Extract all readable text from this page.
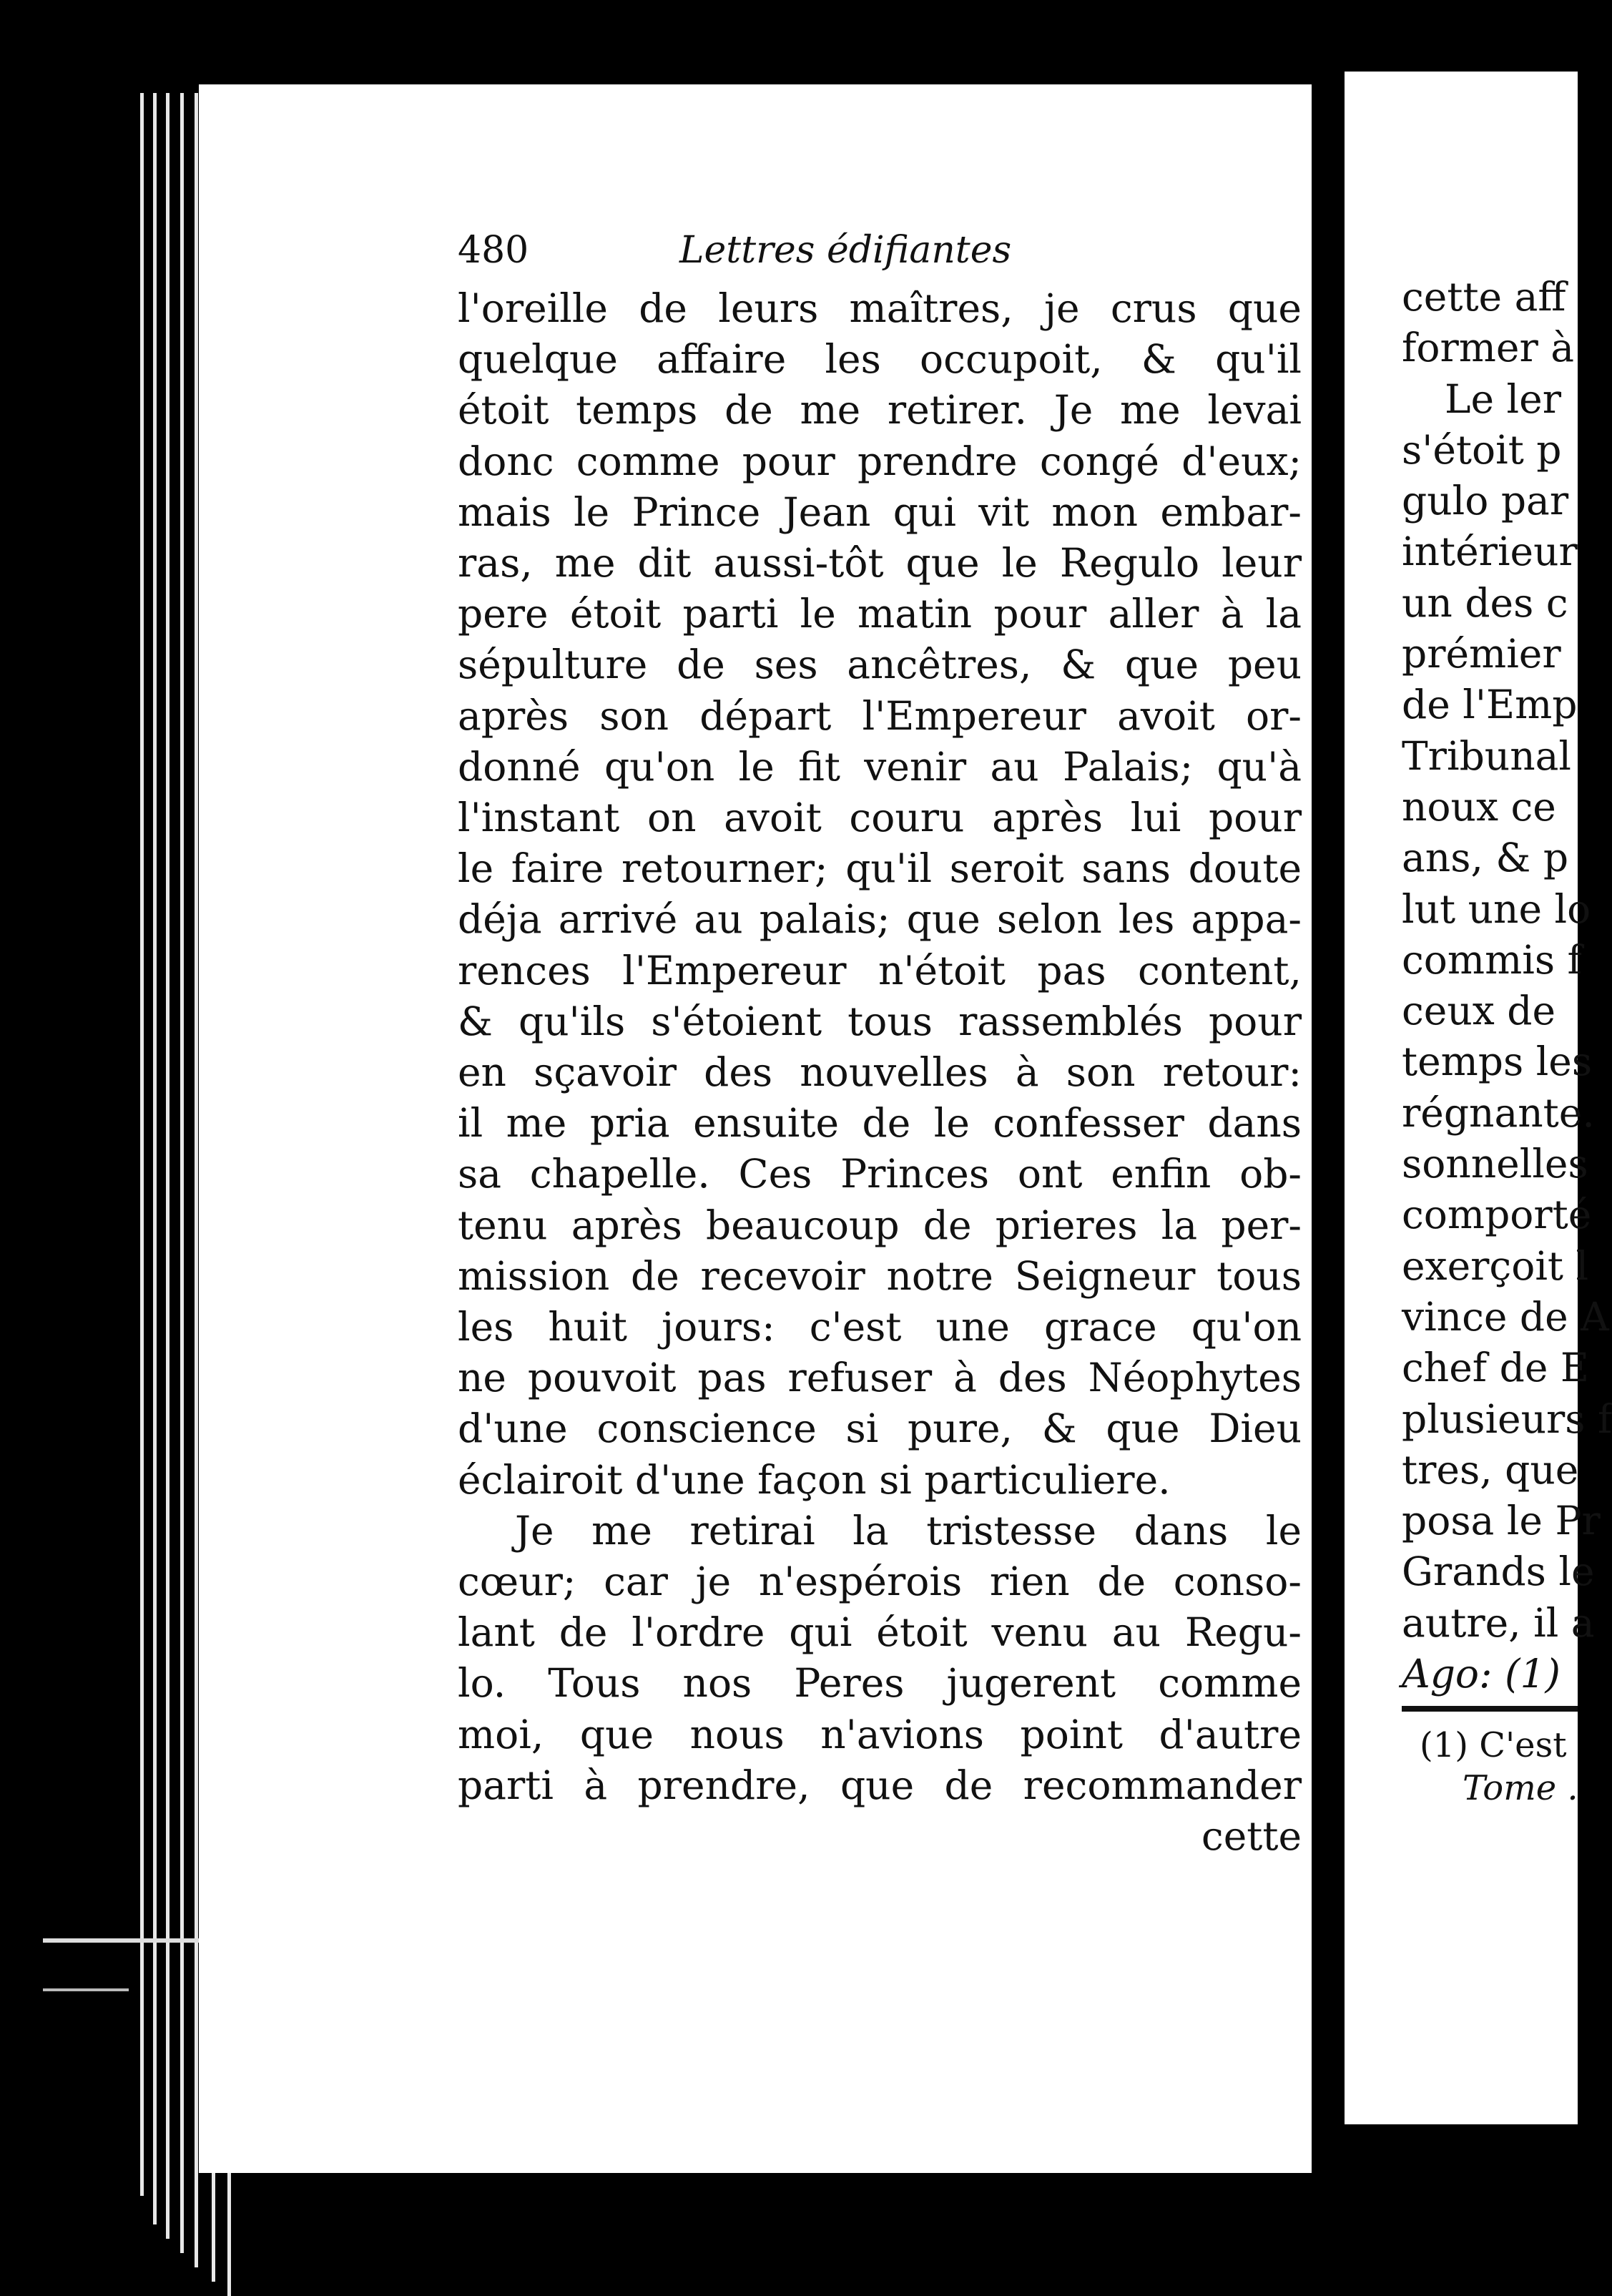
480	Lettres édifiantes
l'oreille de leurs maîtres, je crus que
quelque affaire les occupoit, & qu'il
étoit temps de me retirer. Je me levai
donc comme pour prendre congé d'eux;
mais le Prince Jean qui vit mon embar-
ras, me dit aussi-tôt que le Regulo leur
pere étoit parti le matin pour aller à la
sépulture de ses ancêtres, & que peu
après son départ l'Empereur avoit or-
donné qu'on le fit venir au Palais; qu'à
l'instant on avoit couru après lui pour
le faire retourner; qu'il seroit sans doute
déja arrivé au palais; que selon les appa-
rences l'Empereur n'étoit pas content,
& qu'ils s'étoient tous rassemblés pour
en sçavoir des nouvelles à son retour:
il me pria ensuite de le confesser dans
sa chapelle. Ces Princes ont enfin ob-
tenu après beaucoup de prieres la per-
mission de recevoir notre Seigneur tous
les huit jours: c'est une grace qu'on
ne pouvoit pas refuser à des Néophytes
d'une conscience si pure, & que Dieu
éclairoit d'une façon si particuliere.
Je me retirai la tristesse dans le
cœur; car je n'espérois rien de conso-
lant de l'ordre qui étoit venu au Regu-
lo. Tous nos Peres jugerent comme
moi, que nous n'avions point d'autre
parti à prendre, que de recommander
cette
cette aff
former à
Le ler
s'étoit p
gulo par
intérieur
un des c
prémier
de l'Emp
Tribunal
noux ce
ans, & p
lut une lo
commis f
ceux de
temps les
régnante.
sonnelles
comporté
exerçoit l
vince de A
chef de E
plusieurs f
tres, que
posa le Pr
Grands le
autre, il a
Ago: (1)
(1) C'est
Tome .
